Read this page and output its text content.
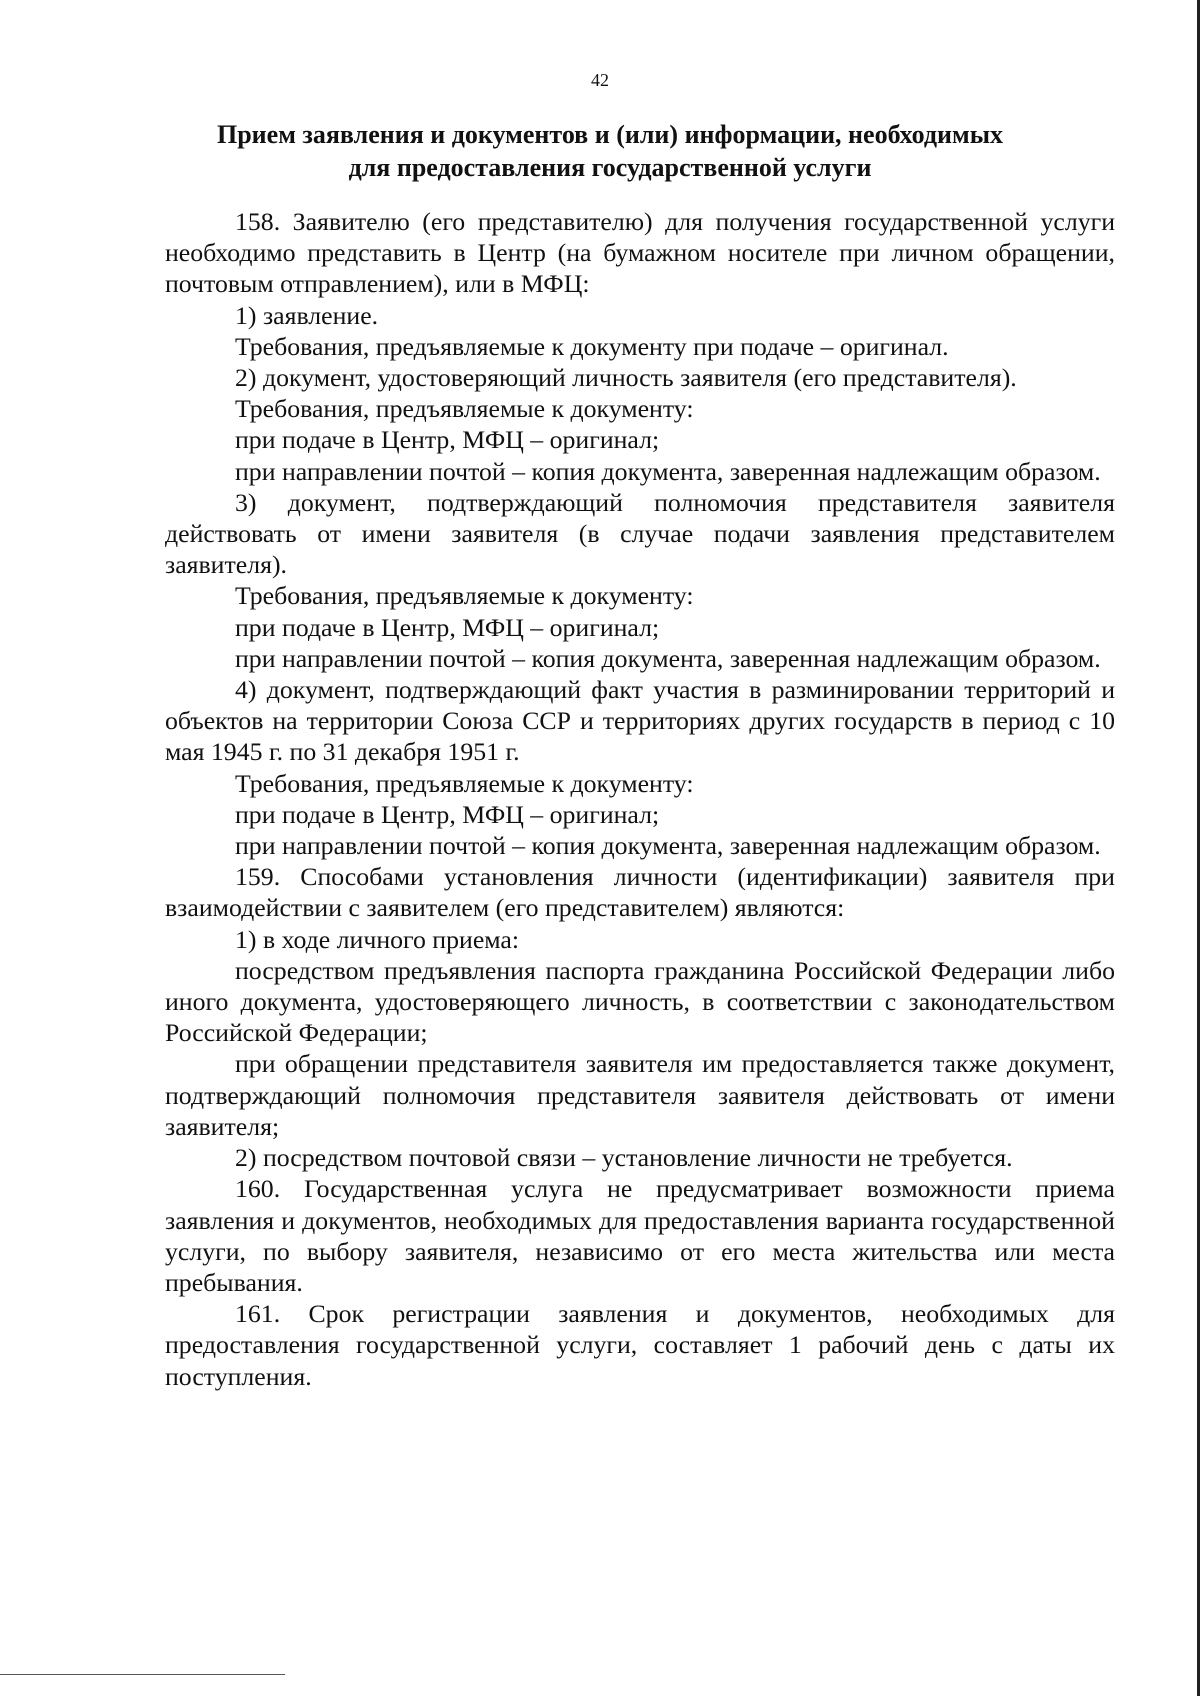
42
Прием заявления и документов и (или) информации, необходимых
для предоставления государственной услуги

158. Заявителю (его представителю) для получения государственной услуги необходимо представить в Центр (на бумажном носителе при личном обращении, почтовым отправлением), или в МФЦ:

1) заявление.

Требования, предъявляемые к документу при подаче – оригинал.

2) документ, удостоверяющий личность заявителя (его представителя).

Требования, предъявляемые к документу:

при подаче в Центр, МФЦ – оригинал;

при направлении почтой – копия документа, заверенная надлежащим образом.

3) документ, подтверждающий полномочия представителя заявителя действовать от имени заявителя (в случае подачи заявления представителем заявителя).

Требования, предъявляемые к документу:

при подаче в Центр, МФЦ – оригинал;

при направлении почтой – копия документа, заверенная надлежащим образом.

4) документ, подтверждающий факт участия в разминировании территорий и объектов на территории Союза ССР и территориях других государств в период с 10 мая 1945 г. по 31 декабря 1951 г.

Требования, предъявляемые к документу:

при подаче в Центр, МФЦ – оригинал;

при направлении почтой – копия документа, заверенная надлежащим образом.

159. Способами установления личности (идентификации) заявителя при взаимодействии с заявителем (его представителем) являются:

1) в ходе личного приема:

посредством предъявления паспорта гражданина Российской Федерации либо иного документа, удостоверяющего личность, в соответствии с законодательством Российской Федерации;

при обращении представителя заявителя им предоставляется также документ, подтверждающий полномочия представителя заявителя действовать от имени заявителя;

2) посредством почтовой связи – установление личности не требуется.

160. Государственная услуга не предусматривает возможности приема заявления и документов, необходимых для предоставления варианта государственной услуги, по выбору заявителя, независимо от его места жительства или места пребывания.

161. Срок регистрации заявления и документов, необходимых для предоставления государственной услуги, составляет 1 рабочий день с даты их поступления.
